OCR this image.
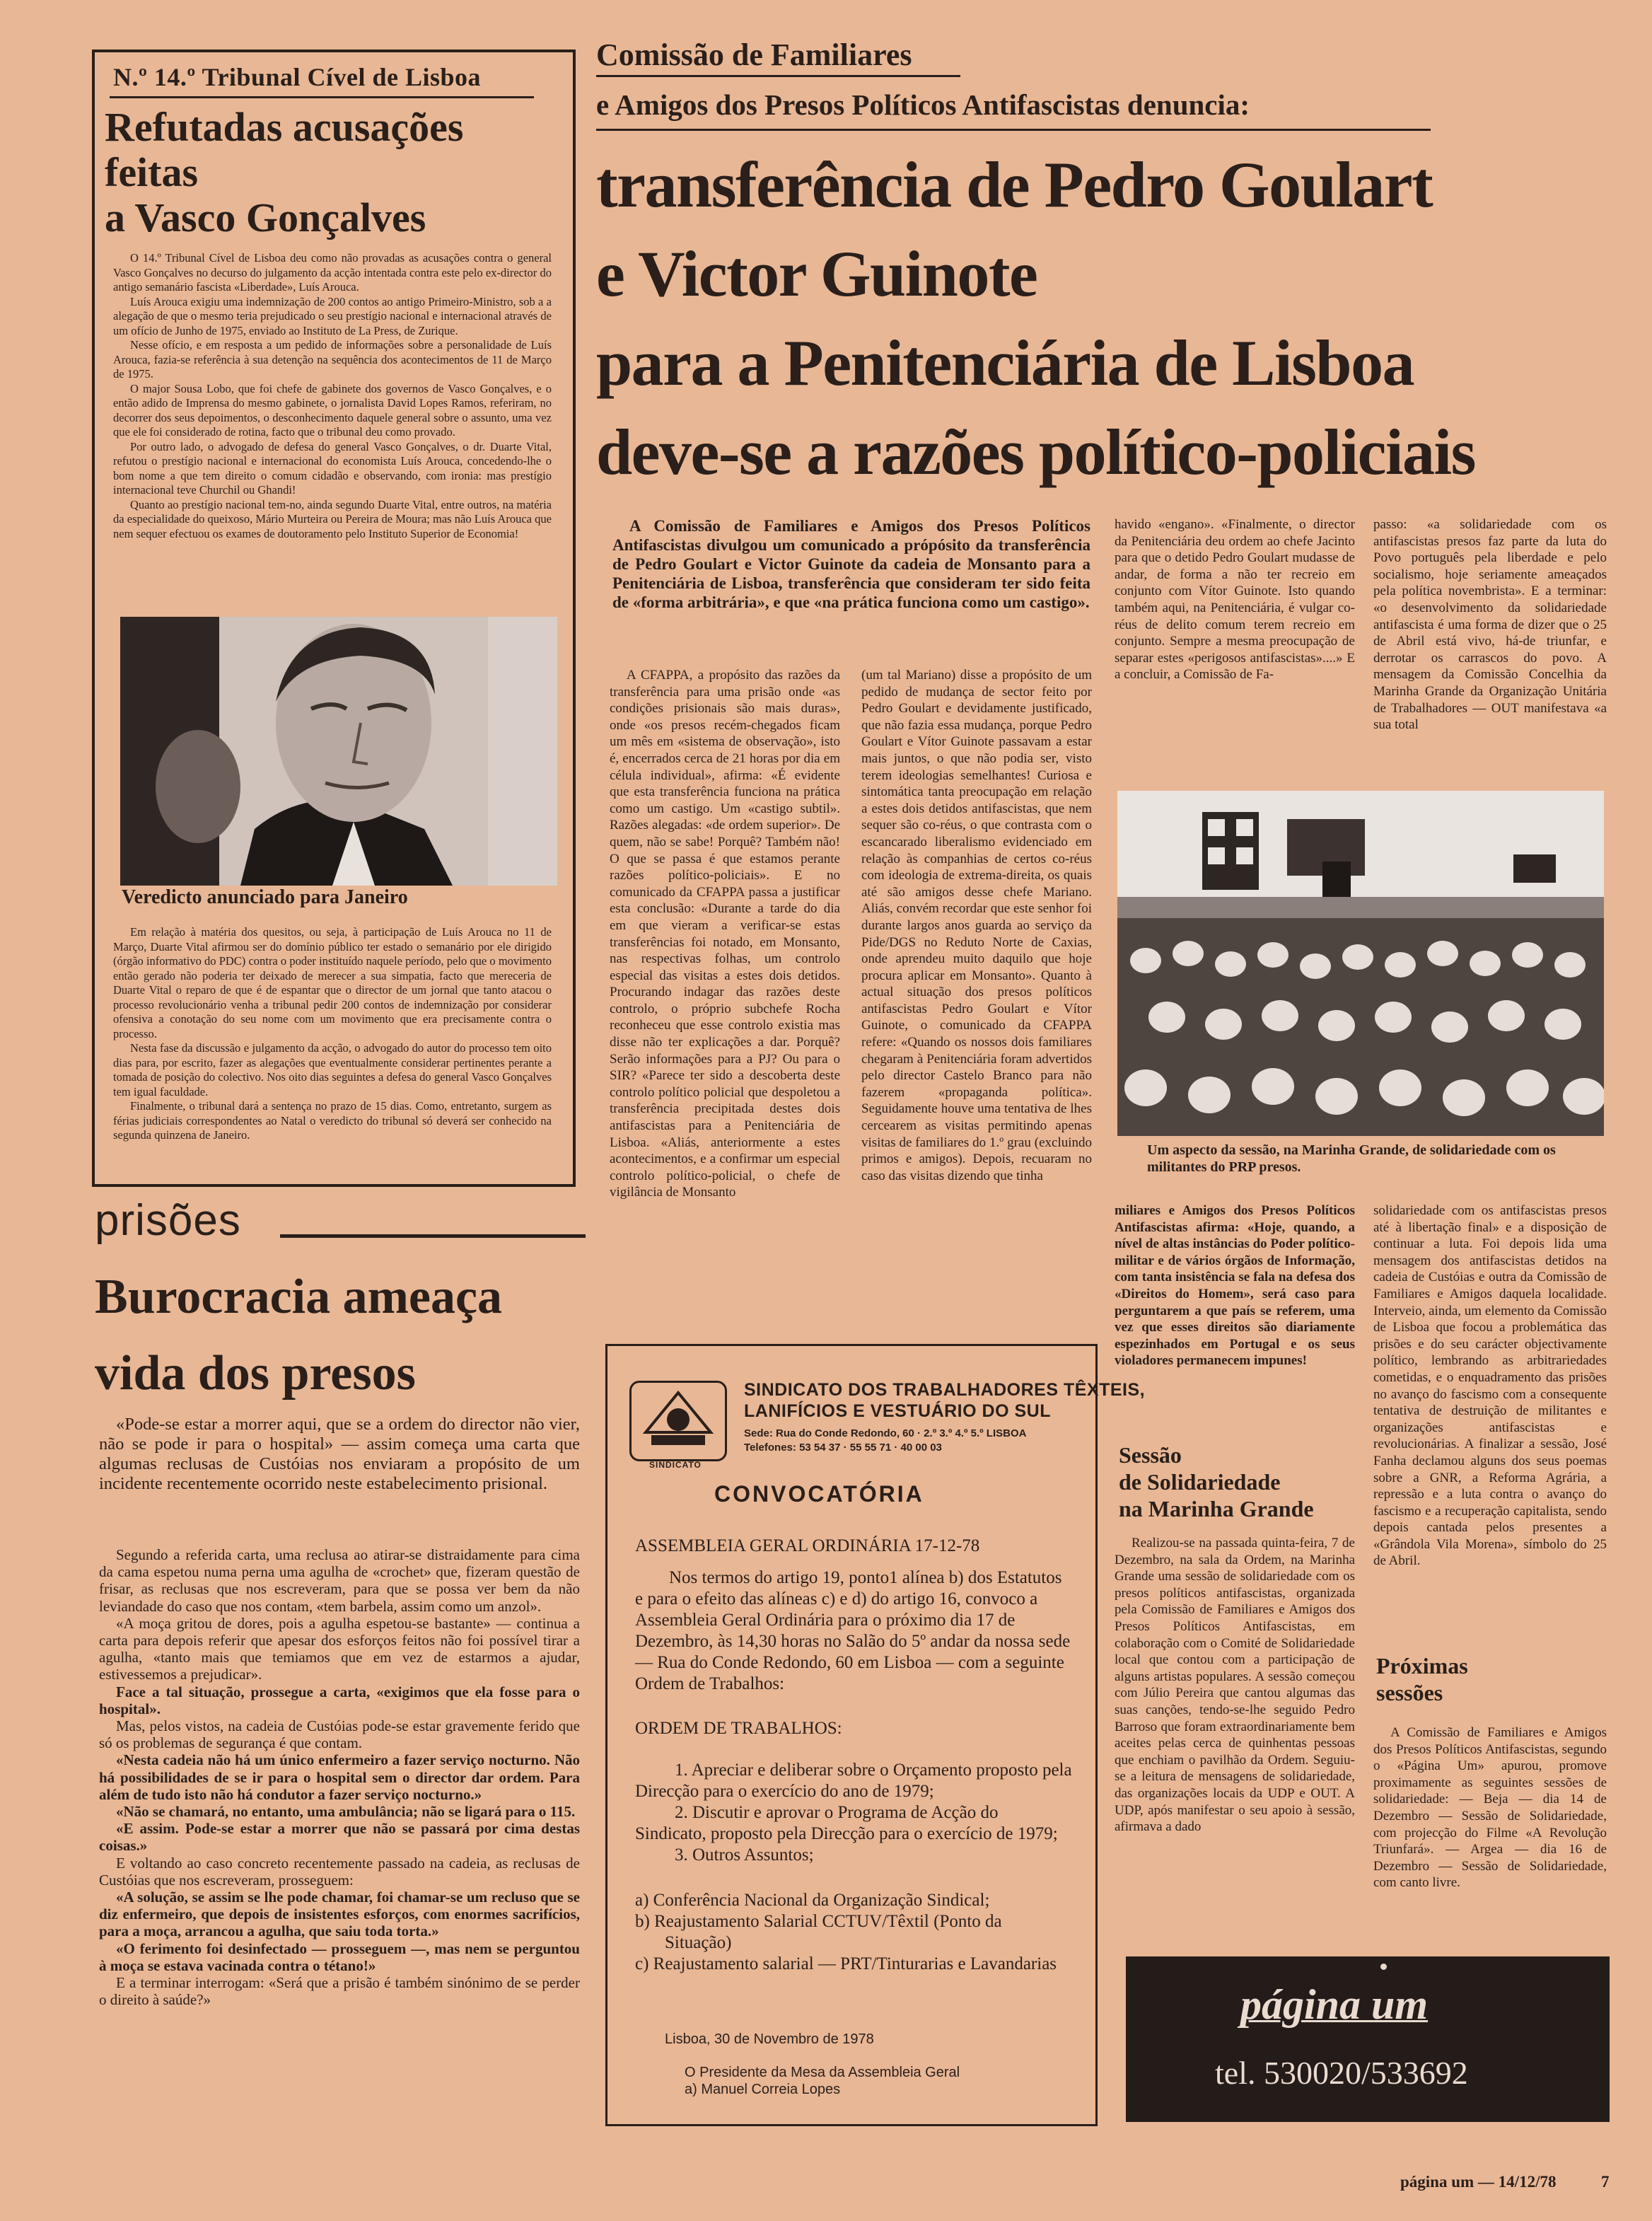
N.º 14.º Tribunal Cível de Lisboa
Refutadas acusações
feitas
a Vasco Gonçalves

O 14.º Tribunal Cível de Lisboa deu como não provadas as acusações contra o general Vasco Gonçalves no decurso do julgamento da acção intentada contra este pelo ex-director do antigo semanário fascista «Liberdade», Luís Arouca.

Luís Arouca exigiu uma indemnização de 200 contos ao antigo Primeiro-Ministro, sob a a alegação de que o mesmo teria prejudicado o seu prestígio nacional e internacional através de um ofício de Junho de 1975, enviado ao Instituto de La Press, de Zurique.

Nesse ofício, e em resposta a um pedido de informações sobre a personalidade de Luís Arouca, fazia-se referência à sua detenção na sequência dos acontecimentos de 11 de Março de 1975.

O major Sousa Lobo, que foi chefe de gabinete dos governos de Vasco Gonçalves, e o então adido de Imprensa do mesmo gabinete, o jornalista David Lopes Ramos, referiram, no decorrer dos seus depoimentos, o desconhecimento daquele general sobre o assunto, uma vez que ele foi considerado de rotina, facto que o tribunal deu como provado.

Por outro lado, o advogado de defesa do general Vasco Gonçalves, o dr. Duarte Vital, refutou o prestígio nacional e internacional do economista Luís Arouca, concedendo-lhe o bom nome a que tem direito o comum cidadão e observando, com ironia: mas prestígio internacional teve Churchil ou Ghandi!

Quanto ao prestígio nacional tem-no, ainda segundo Duarte Vital, entre outros, na matéria da especialidade do queixoso, Mário Murteira ou Pereira de Moura; mas não Luís Arouca que nem sequer efectuou os exames de doutoramento pelo Instituto Superior de Economia!

Veredicto anunciado para Janeiro

Em relação à matéria dos quesitos, ou seja, à participação de Luís Arouca no 11 de Março, Duarte Vital afirmou ser do domínio público ter estado o semanário por ele dirigido (órgão informativo do PDC) contra o poder instituído naquele período, pelo que o movimento então gerado não poderia ter deixado de merecer a sua simpatia, facto que mereceria de Duarte Vital o reparo de que é de espantar que o director de um jornal que tanto atacou o processo revolucionário venha a tribunal pedir 200 contos de indemnização por considerar ofensiva a conotação do seu nome com um movimento que era precisamente contra o processo.

Nesta fase da discussão e julgamento da acção, o advogado do autor do processo tem oito dias para, por escrito, fazer as alegações que eventualmente considerar pertinentes perante a tomada de posição do colectivo. Nos oito dias seguintes a defesa do general Vasco Gonçalves tem igual faculdade.

Finalmente, o tribunal dará a sentença no prazo de 15 dias. Como, entretanto, surgem as férias judiciais correspondentes ao Natal o veredicto do tribunal só deverá ser conhecido na segunda quinzena de Janeiro.

prisões
Burocracia ameaça
vida dos presos

«Pode-se estar a morrer aqui, que se a ordem do director não vier, não se pode ir para o hospital» — assim começa uma carta que algumas reclusas de Custóias nos enviaram a propósito de um incidente recentemente ocorrido neste estabelecimento prisional.

Segundo a referida carta, uma reclusa ao atirar-se distraidamente para cima da cama espetou numa perna uma agulha de «crochet» que, fizeram questão de frisar, as reclusas que nos escreveram, para que se possa ver bem da não leviandade do caso que nos contam, «tem barbela, assim como um anzol».

«A moça gritou de dores, pois a agulha espetou-se bastante» — continua a carta para depois referir que apesar dos esforços feitos não foi possível tirar a agulha, «tanto mais que temiamos que em vez de estarmos a ajudar, estivessemos a prejudicar».

Face a tal situação, prossegue a carta, «exigimos que ela fosse para o hospital».

Mas, pelos vistos, na cadeia de Custóias pode-se estar gravemente ferido que só os problemas de segurança é que contam.

«Nesta cadeia não há um único enfermeiro a fazer serviço nocturno. Não há possibilidades de se ir para o hospital sem o director dar ordem. Para além de tudo isto não há condutor a fazer serviço nocturno.»

«Não se chamará, no entanto, uma ambulância; não se ligará para o 115.

«E assim. Pode-se estar a morrer que não se passará por cima destas coisas.»

E voltando ao caso concreto recentemente passado na cadeia, as reclusas de Custóias que nos escreveram, prosseguem:

«A solução, se assim se lhe pode chamar, foi chamar-se um recluso que se diz enfermeiro, que depois de insistentes esforços, com enormes sacrifícios, para a moça, arrancou a agulha, que saiu toda torta.»

«O ferimento foi desinfectado — prosseguem —, mas nem se perguntou à moça se estava vacinada contra o tétano!»

E a terminar interrogam: «Será que a prisão é também sinónimo de se perder o direito à saúde?»

Comissão de Familiares
e Amigos dos Presos Políticos Antifascistas denuncia:
transferência de Pedro Goulart
e Victor Guinote
para a Penitenciária de Lisboa
deve-se a razões político-policiais

A Comissão de Familiares e Amigos dos Presos Políticos Antifascistas divulgou um comunicado a própósito da transferência de Pedro Goulart e Victor Guinote da cadeia de Monsanto para a Penitenciária de Lisboa, transferência que consideram ter sido feita de «forma arbitrária», e que «na prática funciona como um castigo».

A CFAPPA, a propósito das razões da transferência para uma prisão onde «as condições prisionais são mais duras», onde «os presos recém-chegados ficam um mês em «sistema de observação», isto é, encerrados cerca de 21 horas por dia em célula individual», afirma: «É evidente que esta transferência funciona na prática como um castigo. Um «castigo subtil». Razões alegadas: «de ordem superior». De quem, não se sabe! Porquê? Também não! O que se passa é que estamos perante razões político-policiais». E no comunicado da CFAPPA passa a justificar esta conclusão: «Durante a tarde do dia em que vieram a verificar-se estas transferências foi notado, em Monsanto, nas respectivas folhas, um controlo especial das visitas a estes dois detidos. Procurando indagar das razões deste controlo, o próprio subchefe Rocha reconheceu que esse controlo existia mas disse não ter explicações a dar. Porquê? Serão informações para a PJ? Ou para o SIR? «Parece ter sido a descoberta deste controlo político policial que despoletou a transferência precipitada destes dois antifascistas para a Penitenciária de Lisboa. «Aliás, anteriormente a estes acontecimentos, e a confirmar um especial controlo político-policial, o chefe de vigilância de Monsanto

(um tal Mariano) disse a propósito de um pedido de mudança de sector feito por Pedro Goulart e devidamente justificado, que não fazia essa mudança, porque Pedro Goulart e Vítor Guinote passavam a estar mais juntos, o que não podia ser, visto terem ideologias semelhantes! Curiosa e sintomática tanta preocupação em relação a estes dois detidos antifascistas, que nem sequer são co-réus, o que contrasta com o escancarado liberalismo evidenciado em relação às companhias de certos co-réus com ideologia de extrema-direita, os quais até são amigos desse chefe Mariano. Aliás, convém recordar que este senhor foi durante largos anos guarda ao serviço da Pide/DGS no Reduto Norte de Caxias, onde aprendeu muito daquilo que hoje procura aplicar em Monsanto». Quanto à actual situação dos presos políticos antifascistas Pedro Goulart e Vítor Guinote, o comunicado da CFAPPA refere: «Quando os nossos dois familiares chegaram à Penitenciária foram advertidos pelo director Castelo Branco para não fazerem «propaganda política». Seguidamente houve uma tentativa de lhes cercearem as visitas permitindo apenas visitas de familiares do 1.º grau (excluindo primos e amigos). Depois, recuaram no caso das visitas dizendo que tinha

havido «engano». «Finalmente, o director da Penitenciária deu ordem ao chefe Jacinto para que o detido Pedro Goulart mudasse de andar, de forma a não ter recreio em conjunto com Vítor Guinote. Isto quando também aqui, na Penitenciária, é vulgar co-réus de delito comum terem recreio em conjunto. Sempre a mesma preocupação de separar estes «perigosos antifascistas»....» E a concluir, a Comissão de Fa-

passo: «a solidariedade com os antifascistas presos faz parte da luta do Povo português pela liberdade e pelo socialismo, hoje seriamente ameaçados pela política novembrista». E a terminar: «o desenvolvimento da solidariedade antifascista é uma forma de dizer que o 25 de Abril está vivo, há-de triunfar, e derrotar os carrascos do povo. A mensagem da Comissão Concelhia da Marinha Grande da Organização Unitária de Trabalhadores — OUT manifestava «a sua total

Um aspecto da sessão, na Marinha Grande, de solidariedade com os militantes do PRP presos.

miliares e Amigos dos Presos Políticos Antifascistas afirma: «Hoje, quando, a nível de altas instâncias do Poder político-militar e de vários órgãos de Informação, com tanta insistência se fala na defesa dos «Direitos do Homem», será caso para perguntarem a que país se referem, uma vez que esses direitos são diariamente espezinhados em Portugal e os seus violadores permanecem impunes!

solidariedade com os antifascistas presos até à libertação final» e a disposição de continuar a luta. Foi depois lida uma mensagem dos antifascistas detidos na cadeia de Custóias e outra da Comissão de Familiares e Amigos daquela localidade. Interveio, ainda, um elemento da Comissão de Lisboa que focou a problemática das prisões e do seu carácter objectivamente político, lembrando as arbitrariedades cometidas, e o enquadramento das prisões no avanço do fascismo com a consequente tentativa de destruição de militantes e organizações antifascistas e revolucionárias. A finalizar a sessão, José Fanha declamou alguns dos seus poemas sobre a GNR, a Reforma Agrária, a repressão e a luta contra o avanço do fascismo e a recuperação capitalista, sendo depois cantada pelos presentes a «Grândola Vila Morena», símbolo do 25 de Abril.

Sessão
de Solidariedade
na Marinha Grande

Realizou-se na passada quinta-feira, 7 de Dezembro, na sala da Ordem, na Marinha Grande uma sessão de solidariedade com os presos políticos antifascistas, organizada pela Comissão de Familiares e Amigos dos Presos Políticos Antifascistas, em colaboração com o Comité de Solidariedade local que contou com a participação de alguns artistas populares. A sessão começou com Júlio Pereira que cantou algumas das suas canções, tendo-se-lhe seguido Pedro Barroso que foram extraordinariamente bem aceites pelas cerca de quinhentas pessoas que enchiam o pavilhão da Ordem. Seguiu-se a leitura de mensagens de solidariedade, das organizações locais da UDP e OUT. A UDP, após manifestar o seu apoio à sessão, afirmava a dado

Próximas
sessões

A Comissão de Familiares e Amigos dos Presos Políticos Antifascistas, segundo o «Página Um» apurou, promove proximamente as seguintes sessões de solidariedade: — Beja — dia 14 de Dezembro — Sessão de Solidariedade, com projecção do Filme «A Revolução Triunfará». — Argea — dia 16 de Dezembro — Sessão de Solidariedade, com canto livre.

SINDICATO
SINDICATO DOS TRABALHADORES TÊXTEIS,
LANIFÍCIOS E VESTUÁRIO DO SUL
Sede: Rua do Conde Redondo, 60 · 2.º 3.º 4.º 5.º LISBOA
Telefones: 53 54 37 · 55 55 71 · 40 00 03
CONVOCATÓRIA
ASSEMBLEIA GERAL ORDINÁRIA 17-12-78

Nos termos do artigo 19, ponto1 alínea b) dos Estatutos e para o efeito das alíneas c) e d) do artigo 16, convoco a Assembleia Geral Ordinária para o próximo dia 17 de Dezembro, às 14,30 horas no Salão do 5º andar da nossa sede — Rua do Conde Redondo, 60 em Lisboa — com a seguinte Ordem de Trabalhos:

ORDEM DE TRABALHOS:
1. Apreciar e deliberar sobre o Orçamento proposto pela Direcção para o exercício do ano de 1979;
2. Discutir e aprovar o Programa de Acção do Sindicato, proposto pela Direcção para o exercício de 1979;
3. Outros Assuntos;
a) Conferência Nacional da Organização Sindical;
b) Reajustamento Salarial CCTUV/Têxtil (Ponto da Situação)
c) Reajustamento salarial — PRT/Tinturarias e Lavandarias
Lisboa, 30 de Novembro de 1978
O Presidente da Mesa da Assembleia Geral
a) Manuel Correia Lopes
página um
tel. 530020/533692
página um — 14/12/78	7
